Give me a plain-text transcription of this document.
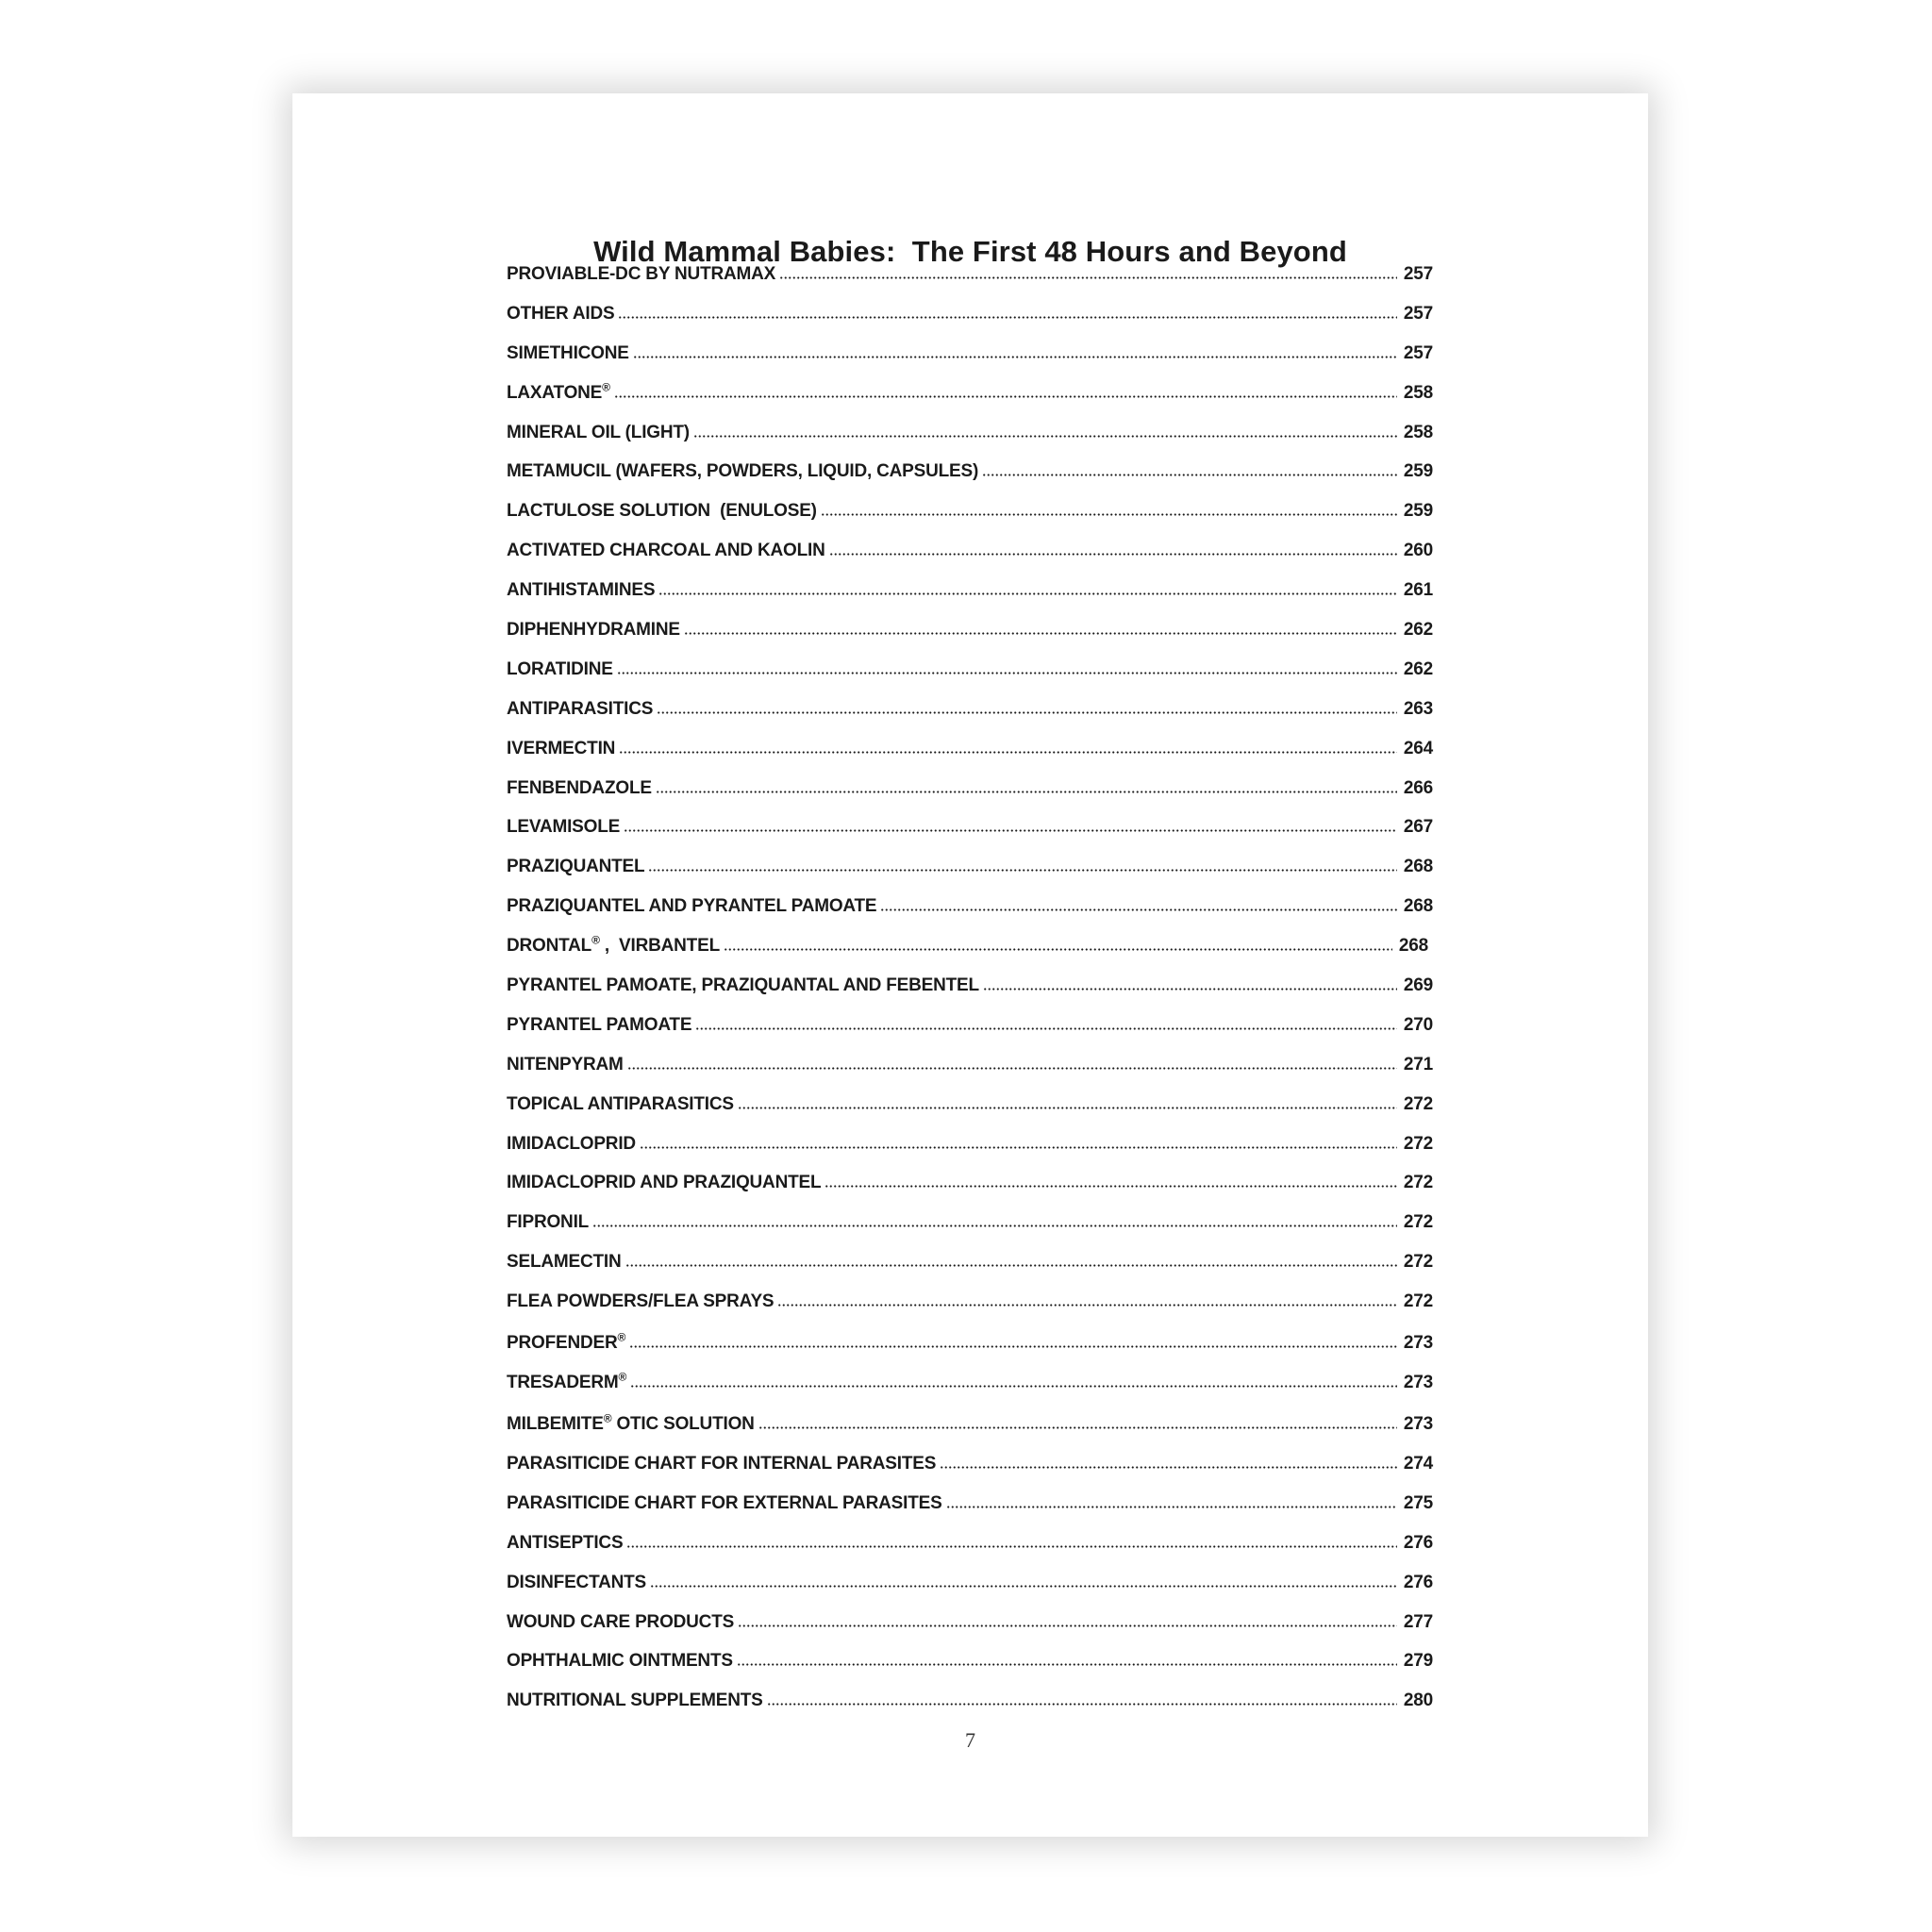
Wild Mammal Babies:  The First 48 Hours and Beyond
PROVIABLE-DC BY NUTRAMAX	257
OTHER AIDS	257
SIMETHICONE	257
LAXATONE®	258
MINERAL OIL (LIGHT)	258
METAMUCIL (WAFERS, POWDERS, LIQUID, CAPSULES)	259
LACTULOSE SOLUTION  (ENULOSE)	259
ACTIVATED CHARCOAL AND KAOLIN	260
ANTIHISTAMINES	261
DIPHENHYDRAMINE	262
LORATIDINE	262
ANTIPARASITICS	263
IVERMECTIN	264
FENBENDAZOLE	266
LEVAMISOLE	267
PRAZIQUANTEL	268
PRAZIQUANTEL AND PYRANTEL PAMOATE	268
DRONTAL® ,  VIRBANTEL	268
PYRANTEL PAMOATE, PRAZIQUANTAL AND FEBENTEL	269
PYRANTEL PAMOATE	270
NITENPYRAM	271
TOPICAL ANTIPARASITICS	272
IMIDACLOPRID	272
IMIDACLOPRID AND PRAZIQUANTEL	272
FIPRONIL	272
SELAMECTIN	272
FLEA POWDERS/FLEA SPRAYS	272
PROFENDER®	273
TRESADERM®	273
MILBEMITE® OTIC SOLUTION	273
PARASITICIDE CHART FOR INTERNAL PARASITES	274
PARASITICIDE CHART FOR EXTERNAL PARASITES	275
ANTISEPTICS	276
DISINFECTANTS	276
WOUND CARE PRODUCTS	277
OPHTHALMIC OINTMENTS	279
NUTRITIONAL SUPPLEMENTS	280
7
